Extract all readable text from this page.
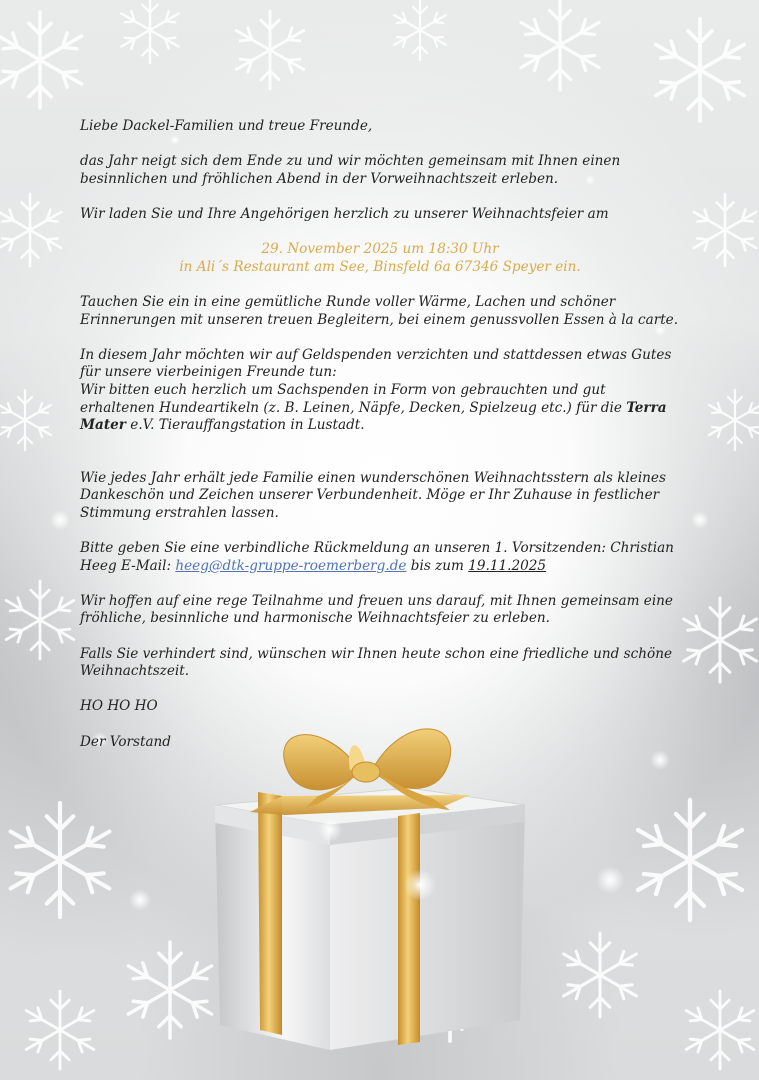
Liebe Dackel-Familien und treue Freunde,

das Jahr neigt sich dem Ende zu und wir möchten gemeinsam mit Ihnen einen besinnlichen und fröhlichen Abend in der Vorweihnachtszeit erleben.

Wir laden Sie und Ihre Angehörigen herzlich zu unserer Weihnachtsfeier am

29. November 2025 um 18:30 Uhr
in Ali´s Restaurant am See, Binsfeld 6a 67346 Speyer ein.

Tauchen Sie ein in eine gemütliche Runde voller Wärme, Lachen und schöner Erinnerungen mit unseren treuen Begleitern, bei einem genussvollen Essen à la carte.

In diesem Jahr möchten wir auf Geldspenden verzichten und stattdessen etwas Gutes für unsere vierbeinigen Freunde tun:

Wir bitten euch herzlich um Sachspenden in Form von gebrauchten und gut erhaltenen Hundeartikeln (z. B. Leinen, Näpfe, Decken, Spielzeug etc.) für die Terra Mater e.V. Tierauffangstation in Lustadt.

Wie jedes Jahr erhält jede Familie einen wunderschönen Weihnachtsstern als kleines Dankeschön und Zeichen unserer Verbundenheit. Möge er Ihr Zuhause in festlicher Stimmung erstrahlen lassen.

Bitte geben Sie eine verbindliche Rückmeldung an unseren 1. Vorsitzenden: Christian Heeg E-Mail: heeg@dtk-gruppe-roemerberg.de bis zum 19.11.2025

Wir hoffen auf eine rege Teilnahme und freuen uns darauf, mit Ihnen gemeinsam eine fröhliche, besinnliche und harmonische Weihnachtsfeier zu erleben.

Falls Sie verhindert sind, wünschen wir Ihnen heute schon eine friedliche und schöne Weihnachtszeit.

HO HO HO

Der Vorstand
